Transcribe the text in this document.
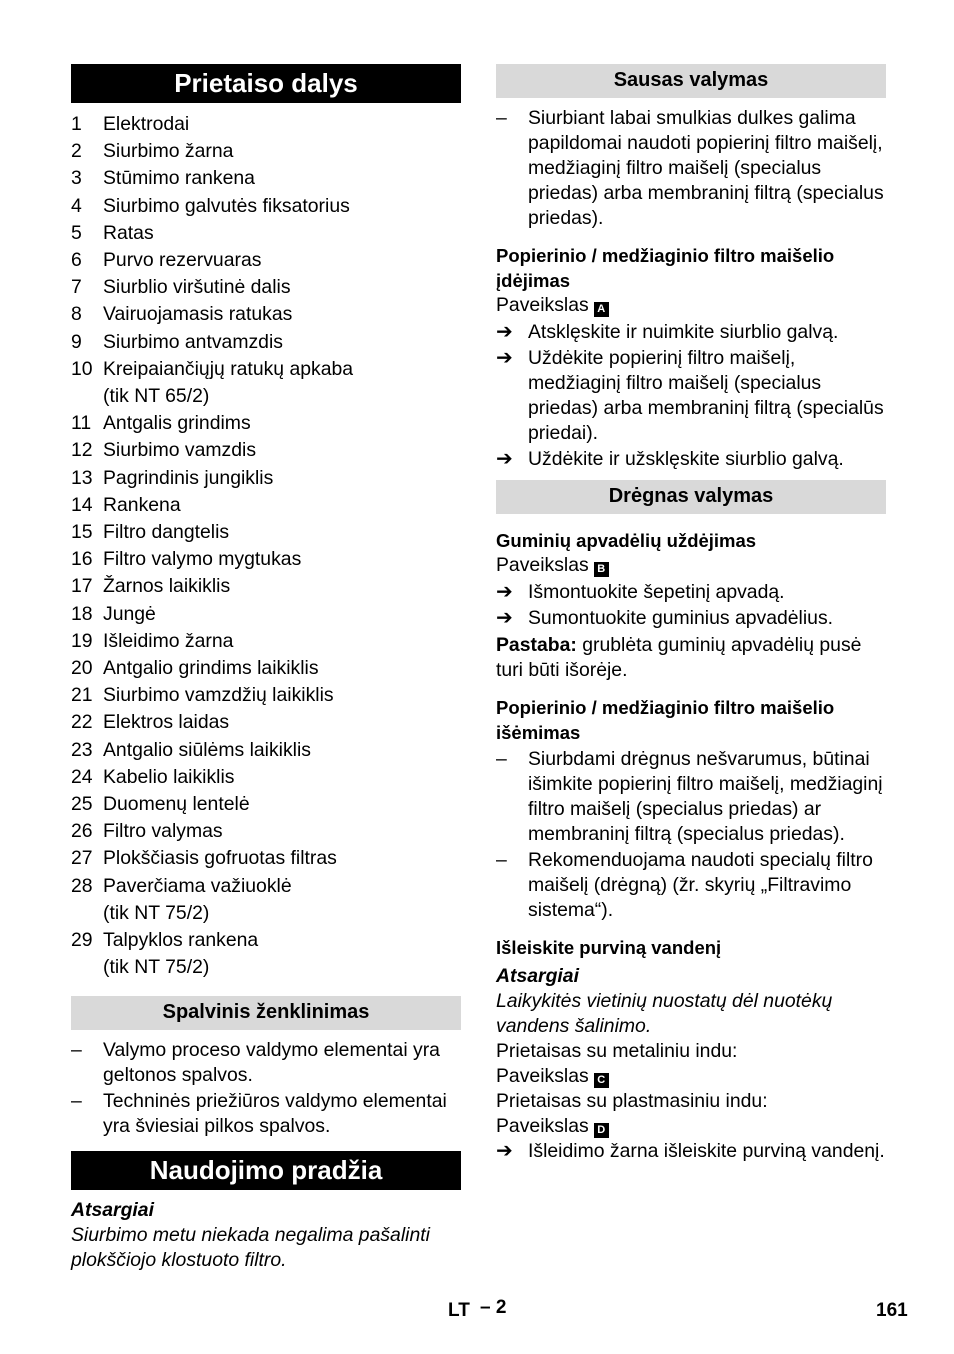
Prietaiso dalys
1	Elektrodai
2	Siurbimo žarna
3	Stūmimo rankena
4	Siurbimo galvutės fiksatorius
5	Ratas
6	Purvo rezervuaras
7	Siurblio viršutinė dalis
8	Vairuojamasis ratukas
9	Siurbimo antvamzdis
10 Kreipaiančiųjų ratukų apkaba
(tik NT 65/2)
11 Antgalis grindims
12 Siurbimo vamzdis
13 Pagrindinis jungiklis
14 Rankena
15 Filtro dangtelis
16 Filtro valymo mygtukas
17 Žarnos laikiklis
18 Jungė
19 Išleidimo žarna
20 Antgalio grindims laikiklis
21 Siurbimo vamzdžių laikiklis
22 Elektros laidas
23 Antgalio siūlėms laikiklis
24 Kabelio laikiklis
25 Duomenų lentelė
26 Filtro valymas
27 Plokščiasis gofruotas filtras
28 Paverčiama važiuoklė
(tik NT 75/2)
29 Talpyklos rankena
(tik NT 75/2)
Spalvinis ženklinimas
–	Valymo proceso valdymo elementai yra geltonos spalvos.
–	Techninės priežiūros valdymo elementai yra šviesiai pilkos spalvos.
Naudojimo pradžia

Atsargiai

Siurbimo metu niekada negalima pašalinti plokščiojo klostuoto filtro.

Sausas valymas
–	Siurbiant labai smulkias dulkes galima papildomai naudoti popierinį filtro maišelį, medžiaginį filtro maišelį (specialus priedas) arba membraninį filtrą (specialus priedas).

Popierinio / medžiaginio filtro maišelio įdėjimas

Paveikslas A

➔ Atsklęskite ir nuimkite siurblio galvą.
➔ Uždėkite popierinį filtro maišelį, medžiaginį filtro maišelį (specialus priedas) arba membraninį filtrą (specialūs priedai).
➔ Uždėkite ir užsklęskite siurblio galvą.
Drėgnas valymas

Guminių apvadėlių uždėjimas

Paveikslas B

➔ Išmontuokite šepetinį apvadą.
➔ Sumontuokite guminius apvadėlius.

Pastaba: grublėta guminių apvadėlių pusė turi būti išorėje.

Popierinio / medžiaginio filtro maišelio išėmimas

–	Siurbdami drėgnus nešvarumus, būtinai išimkite popierinį filtro maišelį, medžiaginį filtro maišelį (specialus priedas) ar membraninį filtrą (specialus priedas).
–	Rekomenduojama naudoti specialų filtro maišelį (drėgną) (žr. skyrių „Filtravimo sistema“).

Išleiskite purviną vandenį

Atsargiai

Laikykitės vietinių nuostatų dėl nuotėkų vandens šalinimo.

Prietaisas su metaliniu indu:

Paveikslas C

Prietaisas su plastmasiniu indu:

Paveikslas D

➔ Išleidimo žarna išleiskite purviną vandenį.
LT – 2	161
